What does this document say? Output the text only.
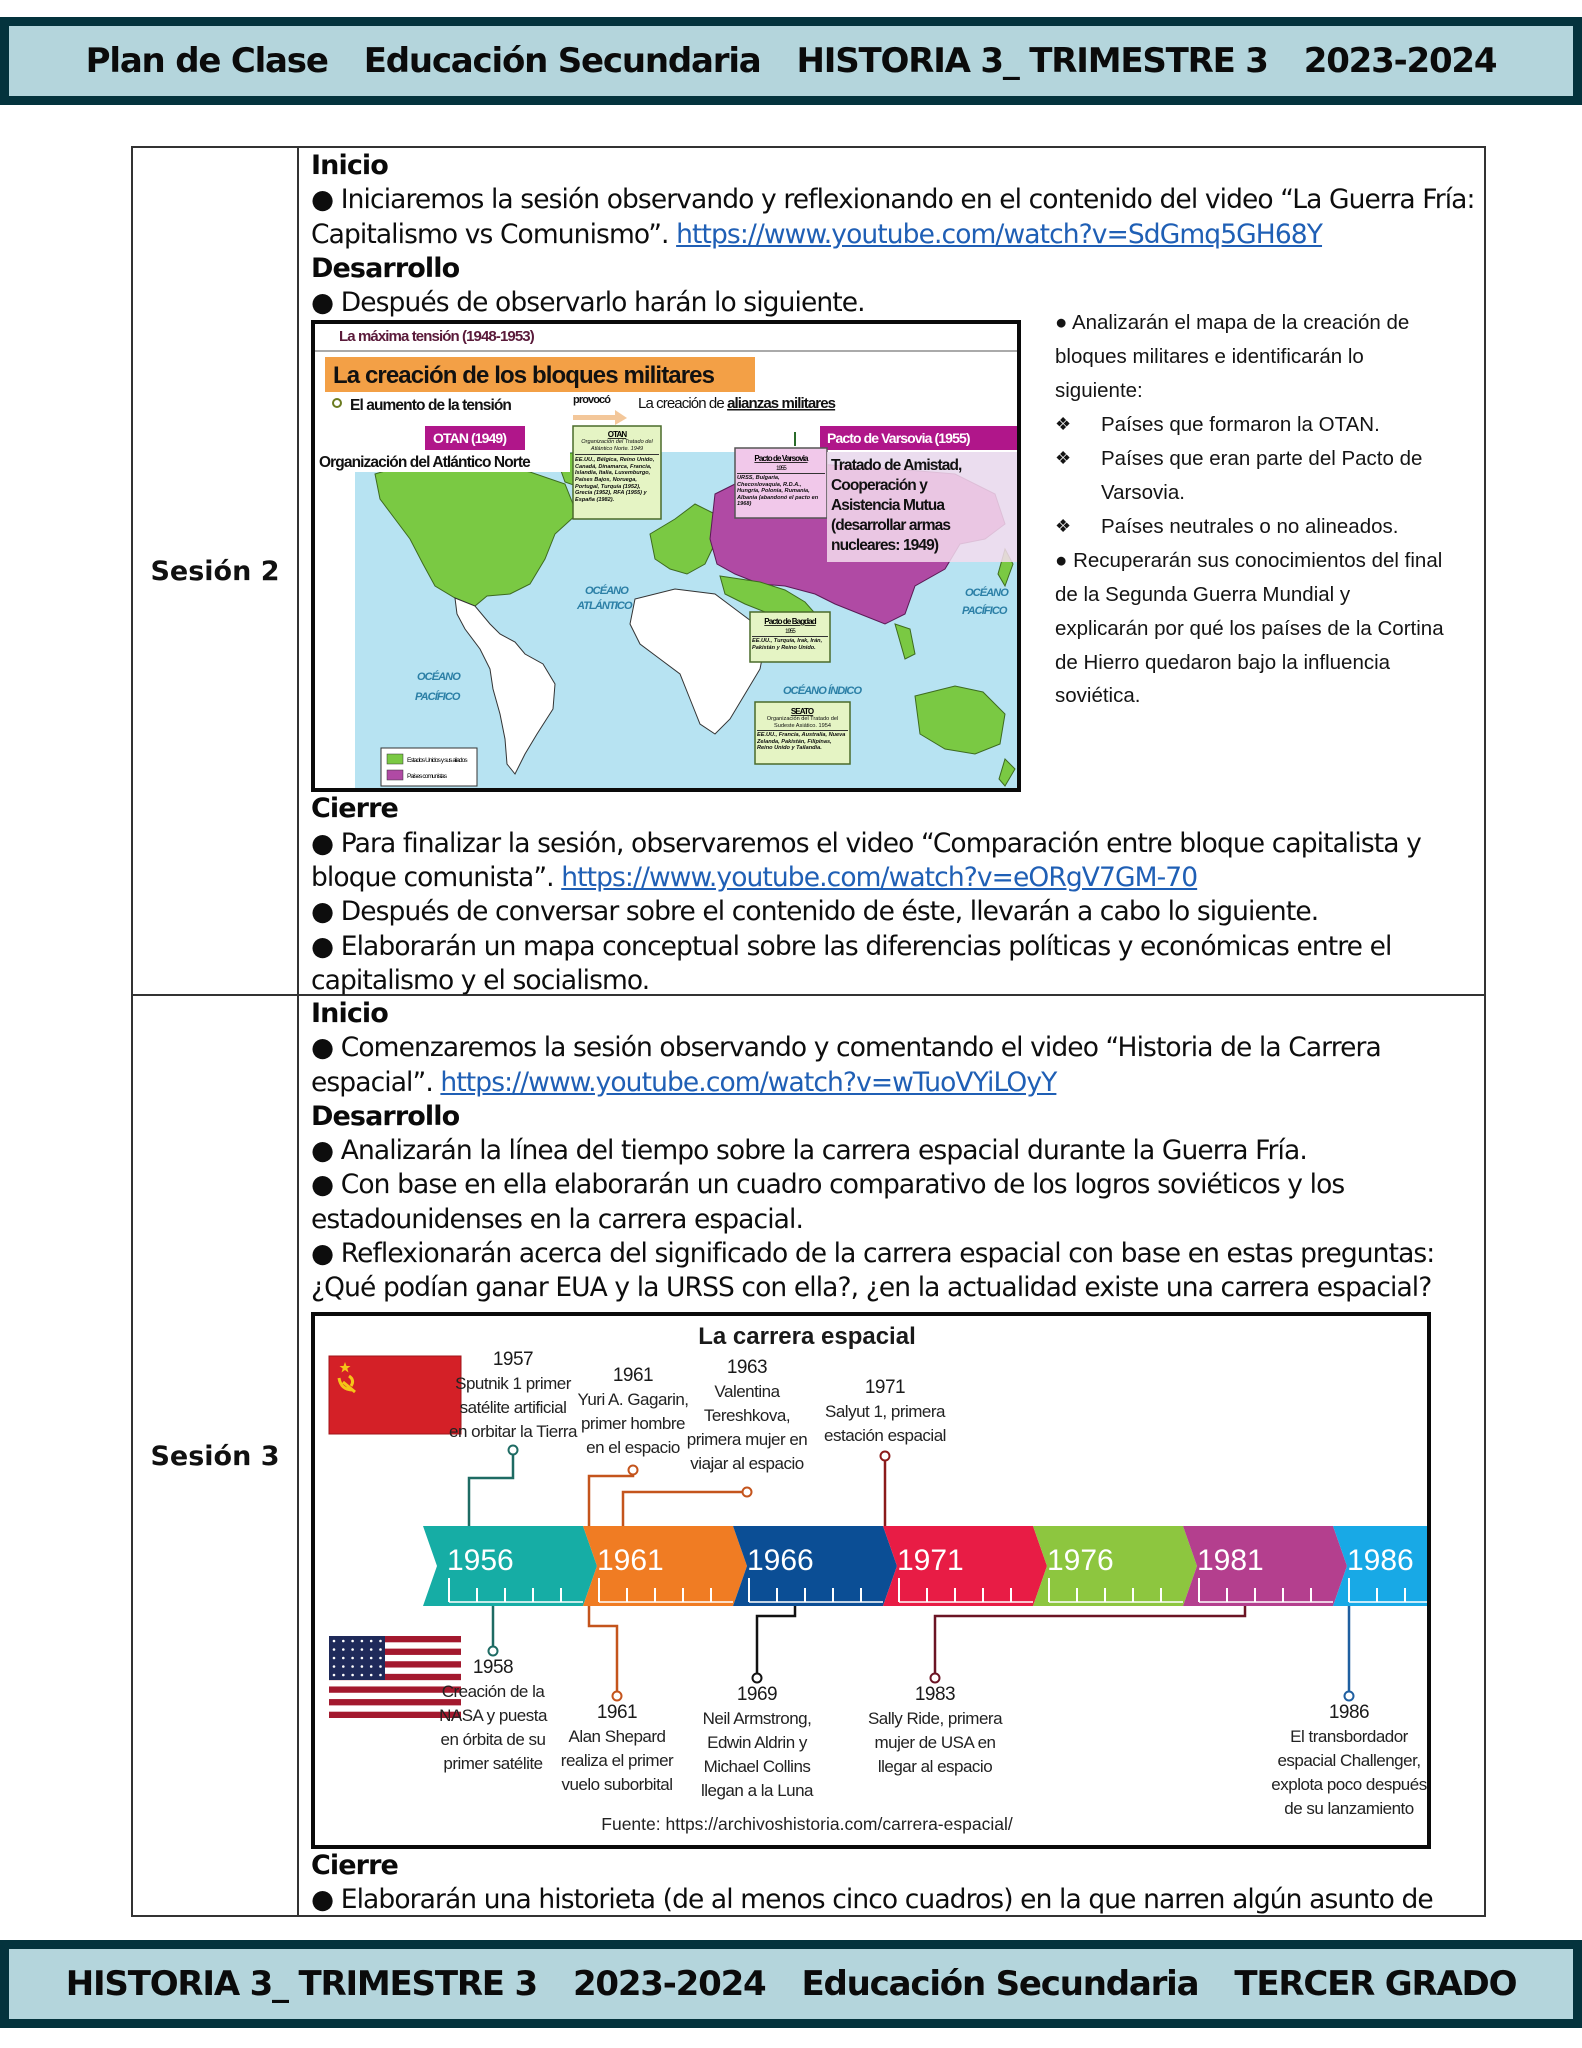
Plan de Clase Educación Secundaria HISTORIA 3_ TRIMESTRE 3 2023-2024
Sesión 2

Inicio

● Iniciaremos la sesión observando y reflexionando en el contenido del video “La Guerra Fría: Capitalismo vs Comunismo”. https://www.youtube.com/watch?v=SdGmq5GH68Y

Desarrollo

● Después de observarlo harán lo siguiente.

La máxima tensión (1948-1953)
La creación de los bloques militares
El aumento de la tensión	provocó La creación de alianzas militares
OCÉANO
ATLÁNTICO
OCÉANO
PACÍFICO
OCÉANO
PACÍFICO
OCÉANO ÍNDICO
OTAN (1949)
Organización del Atlántico Norte
OTAN
Organización del Tratado del Atlántico Norte. 1949
EE.UU., Bélgica, Reino Unido, Canadá, Dinamarca, Francia, Islandia, Italia, Luxemburgo, Países Bajos, Noruega, Portugal, Turquía (1952), Grecia (1952), RFA (1955) y España (1982).
Pacto de Varsovia (1955)
Pacto de Varsovia
1955
URSS, Bulgaria, Checoslovaquia, R.D.A., Hungría, Polonia, Rumania, Albania (abandonó el pacto en 1968)
Tratado de Amistad,
Cooperación y
Asistencia Mutua
(desarrollar armas
nucleares: 1949)
Pacto de Bagdad
1955
EE.UU., Turquía, Irak, Irán, Pakistán y Reino Unido.
SEATO
Organización del Tratado del Sudeste Asiático. 1954
EE.UU., Francia, Australia, Nueva Zelanda, Pakistán, Filipinas, Reino Unido y Tailandia.
Estados Unidos y sus aliados
Países comunistas

● Analizarán el mapa de la creación de bloques militares e identificarán lo siguiente:

❖	Países que formaron la OTAN.
❖	Países que eran parte del Pacto de Varsovia.
❖	Países neutrales o no alineados.

● Recuperarán sus conocimientos del final de la Segunda Guerra Mundial y explicarán por qué los países de la Cortina de Hierro quedaron bajo la influencia soviética.

Cierre

● Para finalizar la sesión, observaremos el video “Comparación entre bloque capitalista y bloque comunista”. https://www.youtube.com/watch?v=eORgV7GM-70

● Después de conversar sobre el contenido de éste, llevarán a cabo lo siguiente.

● Elaborarán un mapa conceptual sobre las diferencias políticas y económicas entre el capitalismo y el socialismo.

Sesión 3

Inicio

● Comenzaremos la sesión observando y comentando el video “Historia de la Carrera espacial”. https://www.youtube.com/watch?v=wTuoVYiLOyY

Desarrollo

● Analizarán la línea del tiempo sobre la carrera espacial durante la Guerra Fría.

● Con base en ella elaborarán un cuadro comparativo de los logros soviéticos y los estadounidenses en la carrera espacial.

● Reflexionarán acerca del significado de la carrera espacial con base en estas preguntas: ¿Qué podían ganar EUA y la URSS con ella?, ¿en la actualidad existe una carrera espacial?

La carrera espacial
1956	1961	1966	1971	1976	1981	1986
Fuente: https://archivoshistoria.com/carrera-espacial/
1957
Sputnik 1 primer
satélite artificial
en orbitar la Tierra
1961
Yuri A. Gagarin,
primer hombre
en el espacio
1963
Valentina
Tereshkova,
primera mujer en
viajar al espacio
1971
Salyut 1, primera
estación espacial
1958
Creación de la
NASA y puesta
en órbita de su
primer satélite
1961
Alan Shepard
realiza el primer
vuelo suborbital
1969
Neil Armstrong,
Edwin Aldrin y
Michael Collins
llegan a la Luna
1983
Sally Ride, primera
mujer de USA en
llegar al espacio
1986
El transbordador
espacial Challenger,
explota poco después
de su lanzamiento

Cierre

● Elaborarán una historieta (de al menos cinco cuadros) en la que narren algún asunto de

HISTORIA 3_ TRIMESTRE 3 2023-2024 Educación Secundaria TERCER GRADO
